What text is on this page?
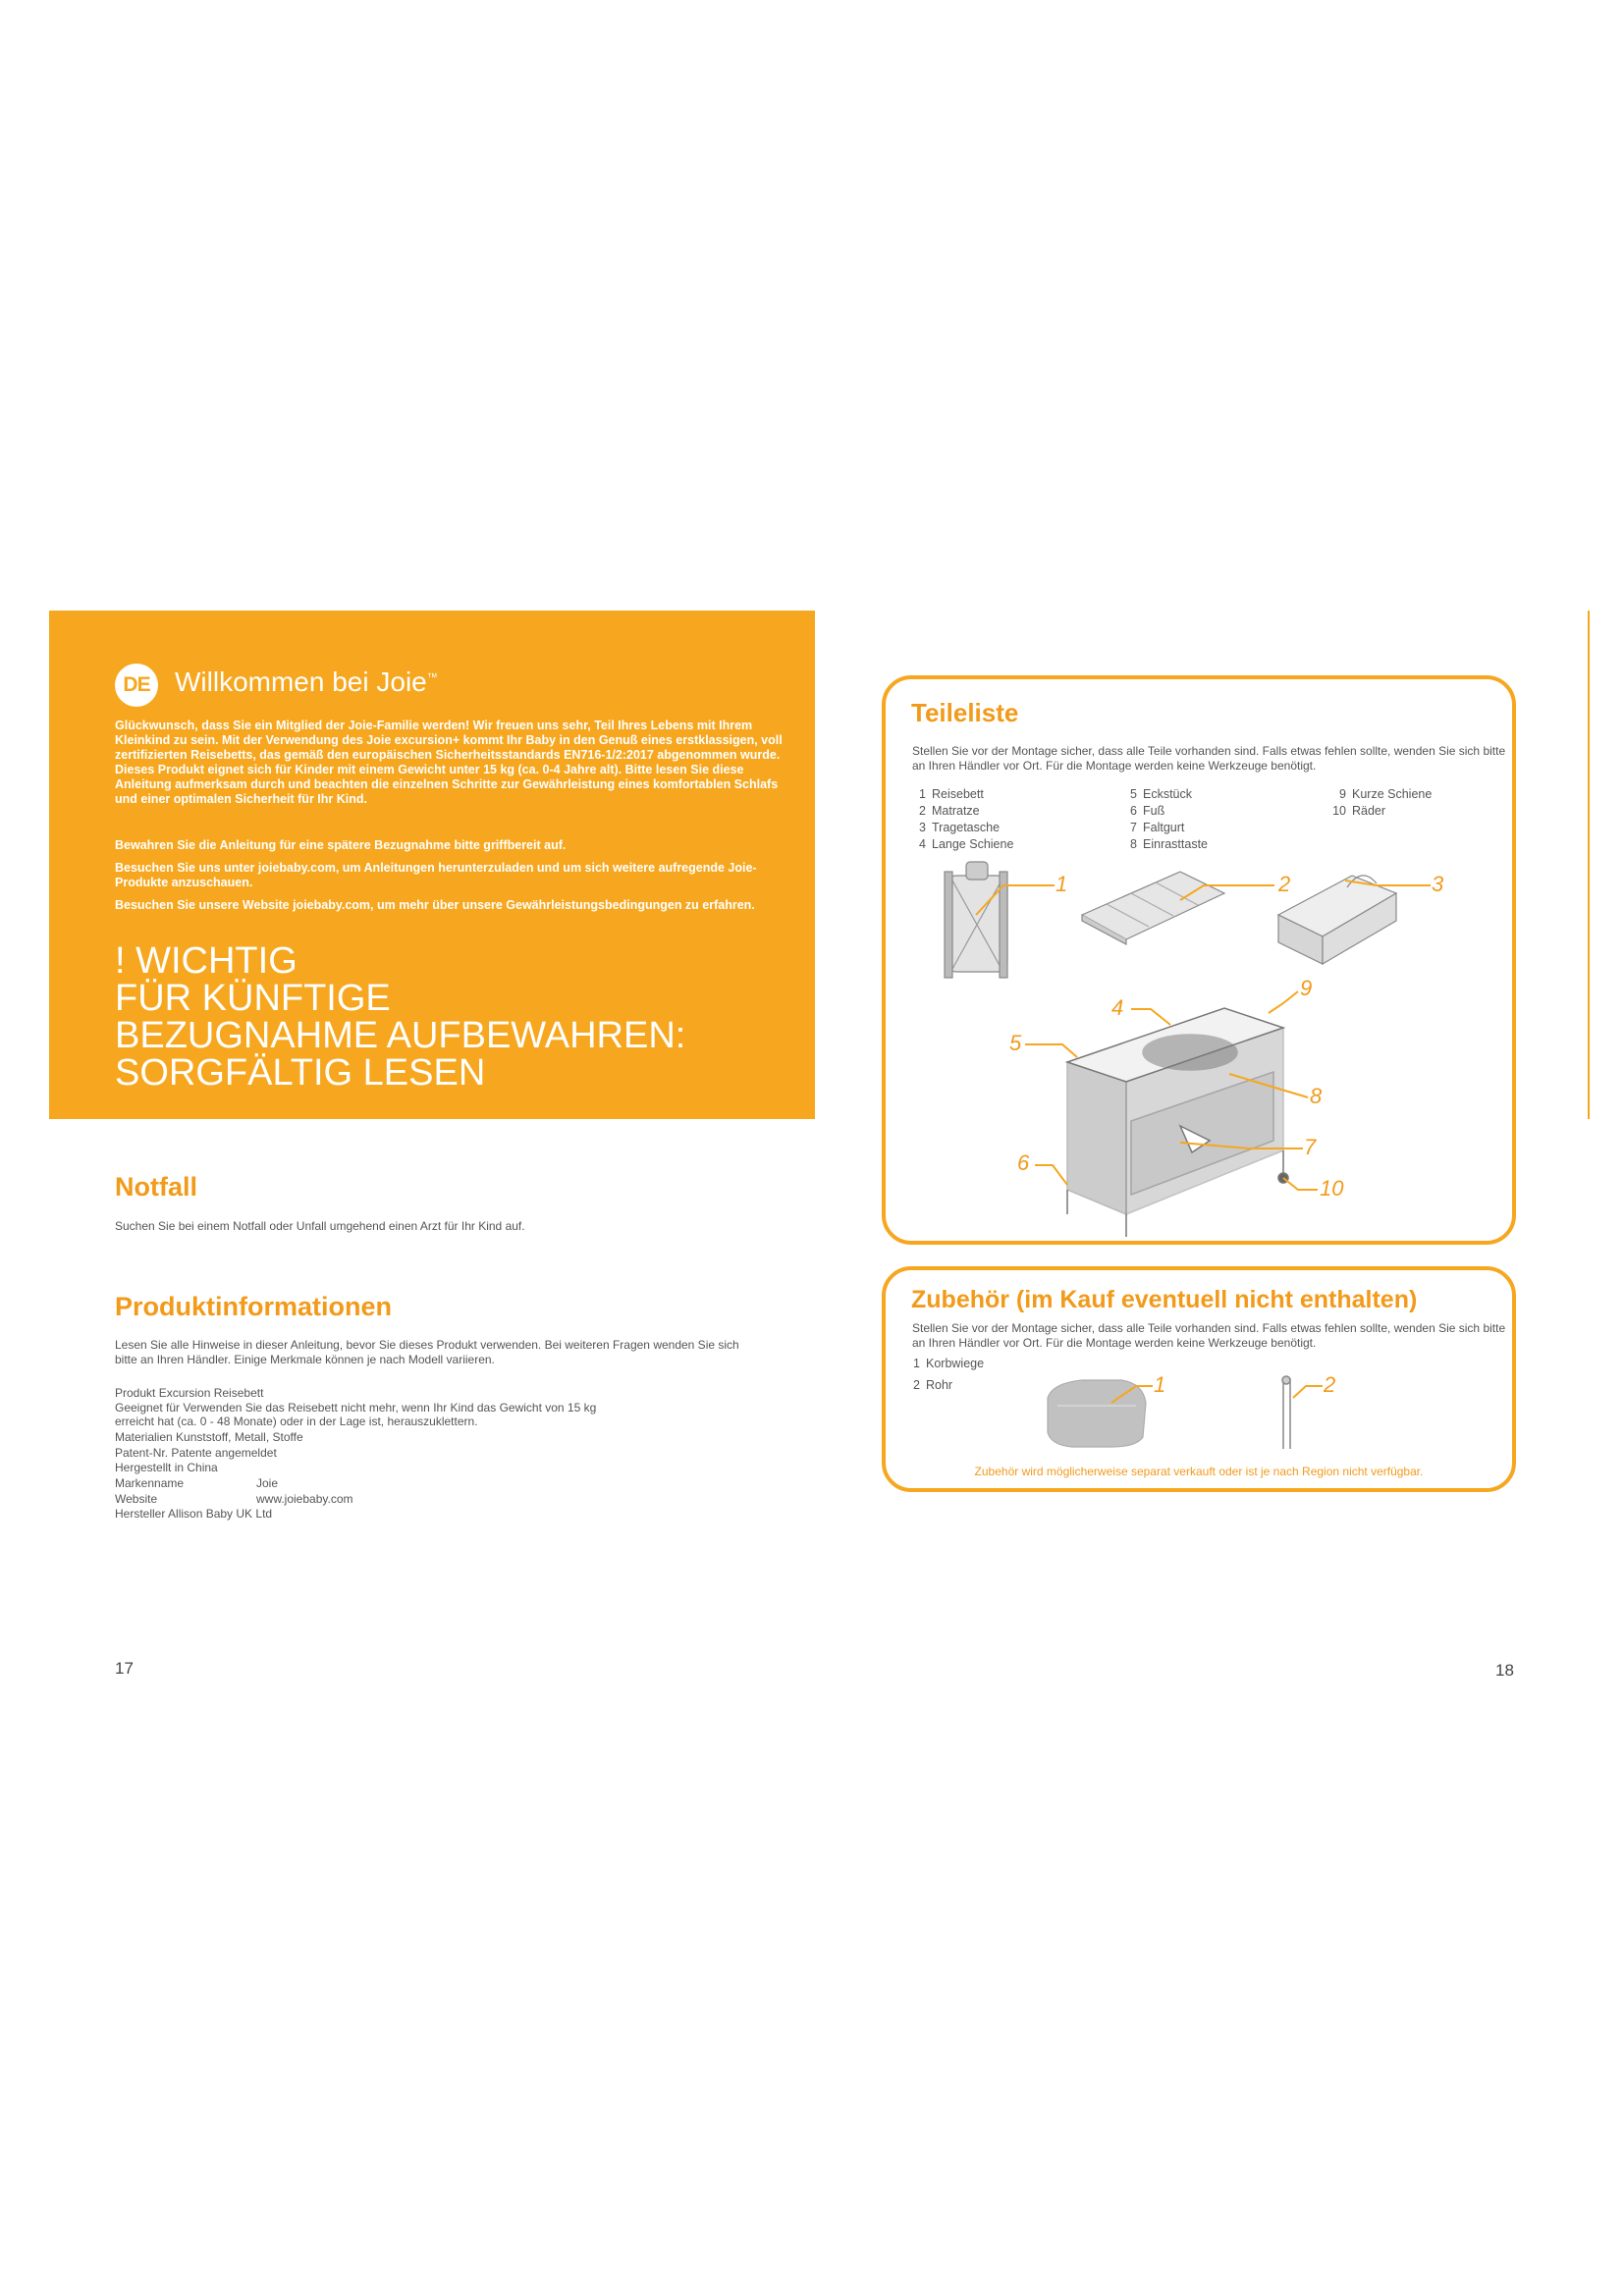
DE Willkommen bei Joie™

Glückwunsch, dass Sie ein Mitglied der Joie-Familie werden! Wir freuen uns sehr, Teil Ihres Lebens mit Ihrem Kleinkind zu sein. Mit der Verwendung des Joie excursion+ kommt Ihr Baby in den Genuß eines erstklassigen, voll zertifizierten Reisebetts, das gemäß den europäischen Sicherheitsstandards EN716-1/2:2017 abgenommen wurde. Dieses Produkt eignet sich für Kinder mit einem Gewicht unter 15 kg (ca. 0-4 Jahre alt). Bitte lesen Sie diese Anleitung aufmerksam durch und beachten die einzelnen Schritte zur Gewährleistung eines komfortablen Schlafs und einer optimalen Sicherheit für Ihr Kind.

Bewahren Sie die Anleitung für eine spätere Bezugnahme bitte griffbereit auf.

Besuchen Sie uns unter joiebaby.com, um Anleitungen herunterzuladen und um sich weitere aufregende Joie-Produkte anzuschauen.

Besuchen Sie unsere Website joiebaby.com, um mehr über unsere Gewährleistungsbedingungen zu erfahren.

! WICHTIG
FÜR KÜNFTIGE
BEZUGNAHME AUFBEWAHREN:
SORGFÄLTIG LESEN
Notfall

Suchen Sie bei einem Notfall oder Unfall umgehend einen Arzt für Ihr Kind auf.

Produktinformationen

Lesen Sie alle Hinweise in dieser Anleitung, bevor Sie dieses Produkt verwenden. Bei weiteren Fragen wenden Sie sich bitte an Ihren Händler. Einige Merkmale können je nach Modell variieren.

Produkt Excursion Reisebett
Geeignet für Verwenden Sie das Reisebett nicht mehr, wenn Ihr Kind das Gewicht von 15 kg
erreicht hat (ca. 0 - 48 Monate) oder in der Lage ist, herauszuklettern.
Materialien Kunststoff, Metall, Stoffe
Patent-Nr. Patente angemeldet
Hergestellt in China
Markenname	Joie
Website	www.joiebaby.com
Hersteller Allison Baby UK Ltd
17
Teileliste

Stellen Sie vor der Montage sicher, dass alle Teile vorhanden sind. Falls etwas fehlen sollte, wenden Sie sich bitte an Ihren Händler vor Ort. Für die Montage werden keine Werkzeuge benötigt.

1 Reisebett
2 Matratze
3 Tragetasche
4 Lange Schiene
5 Eckstück
6 Fuß
7 Faltgurt
8 Einrasttaste
9 Kurze Schiene
10 Räder
1	2	3
4
5
6
7
8
9
10
Zubehör (im Kauf eventuell nicht enthalten)

Stellen Sie vor der Montage sicher, dass alle Teile vorhanden sind. Falls etwas fehlen sollte, wenden Sie sich bitte an Ihren Händler vor Ort. Für die Montage werden keine Werkzeuge benötigt.

1 Korbwiege
2 Rohr	1	2
Zubehör wird möglicherweise separat verkauft oder ist je nach Region nicht verfügbar.
18
